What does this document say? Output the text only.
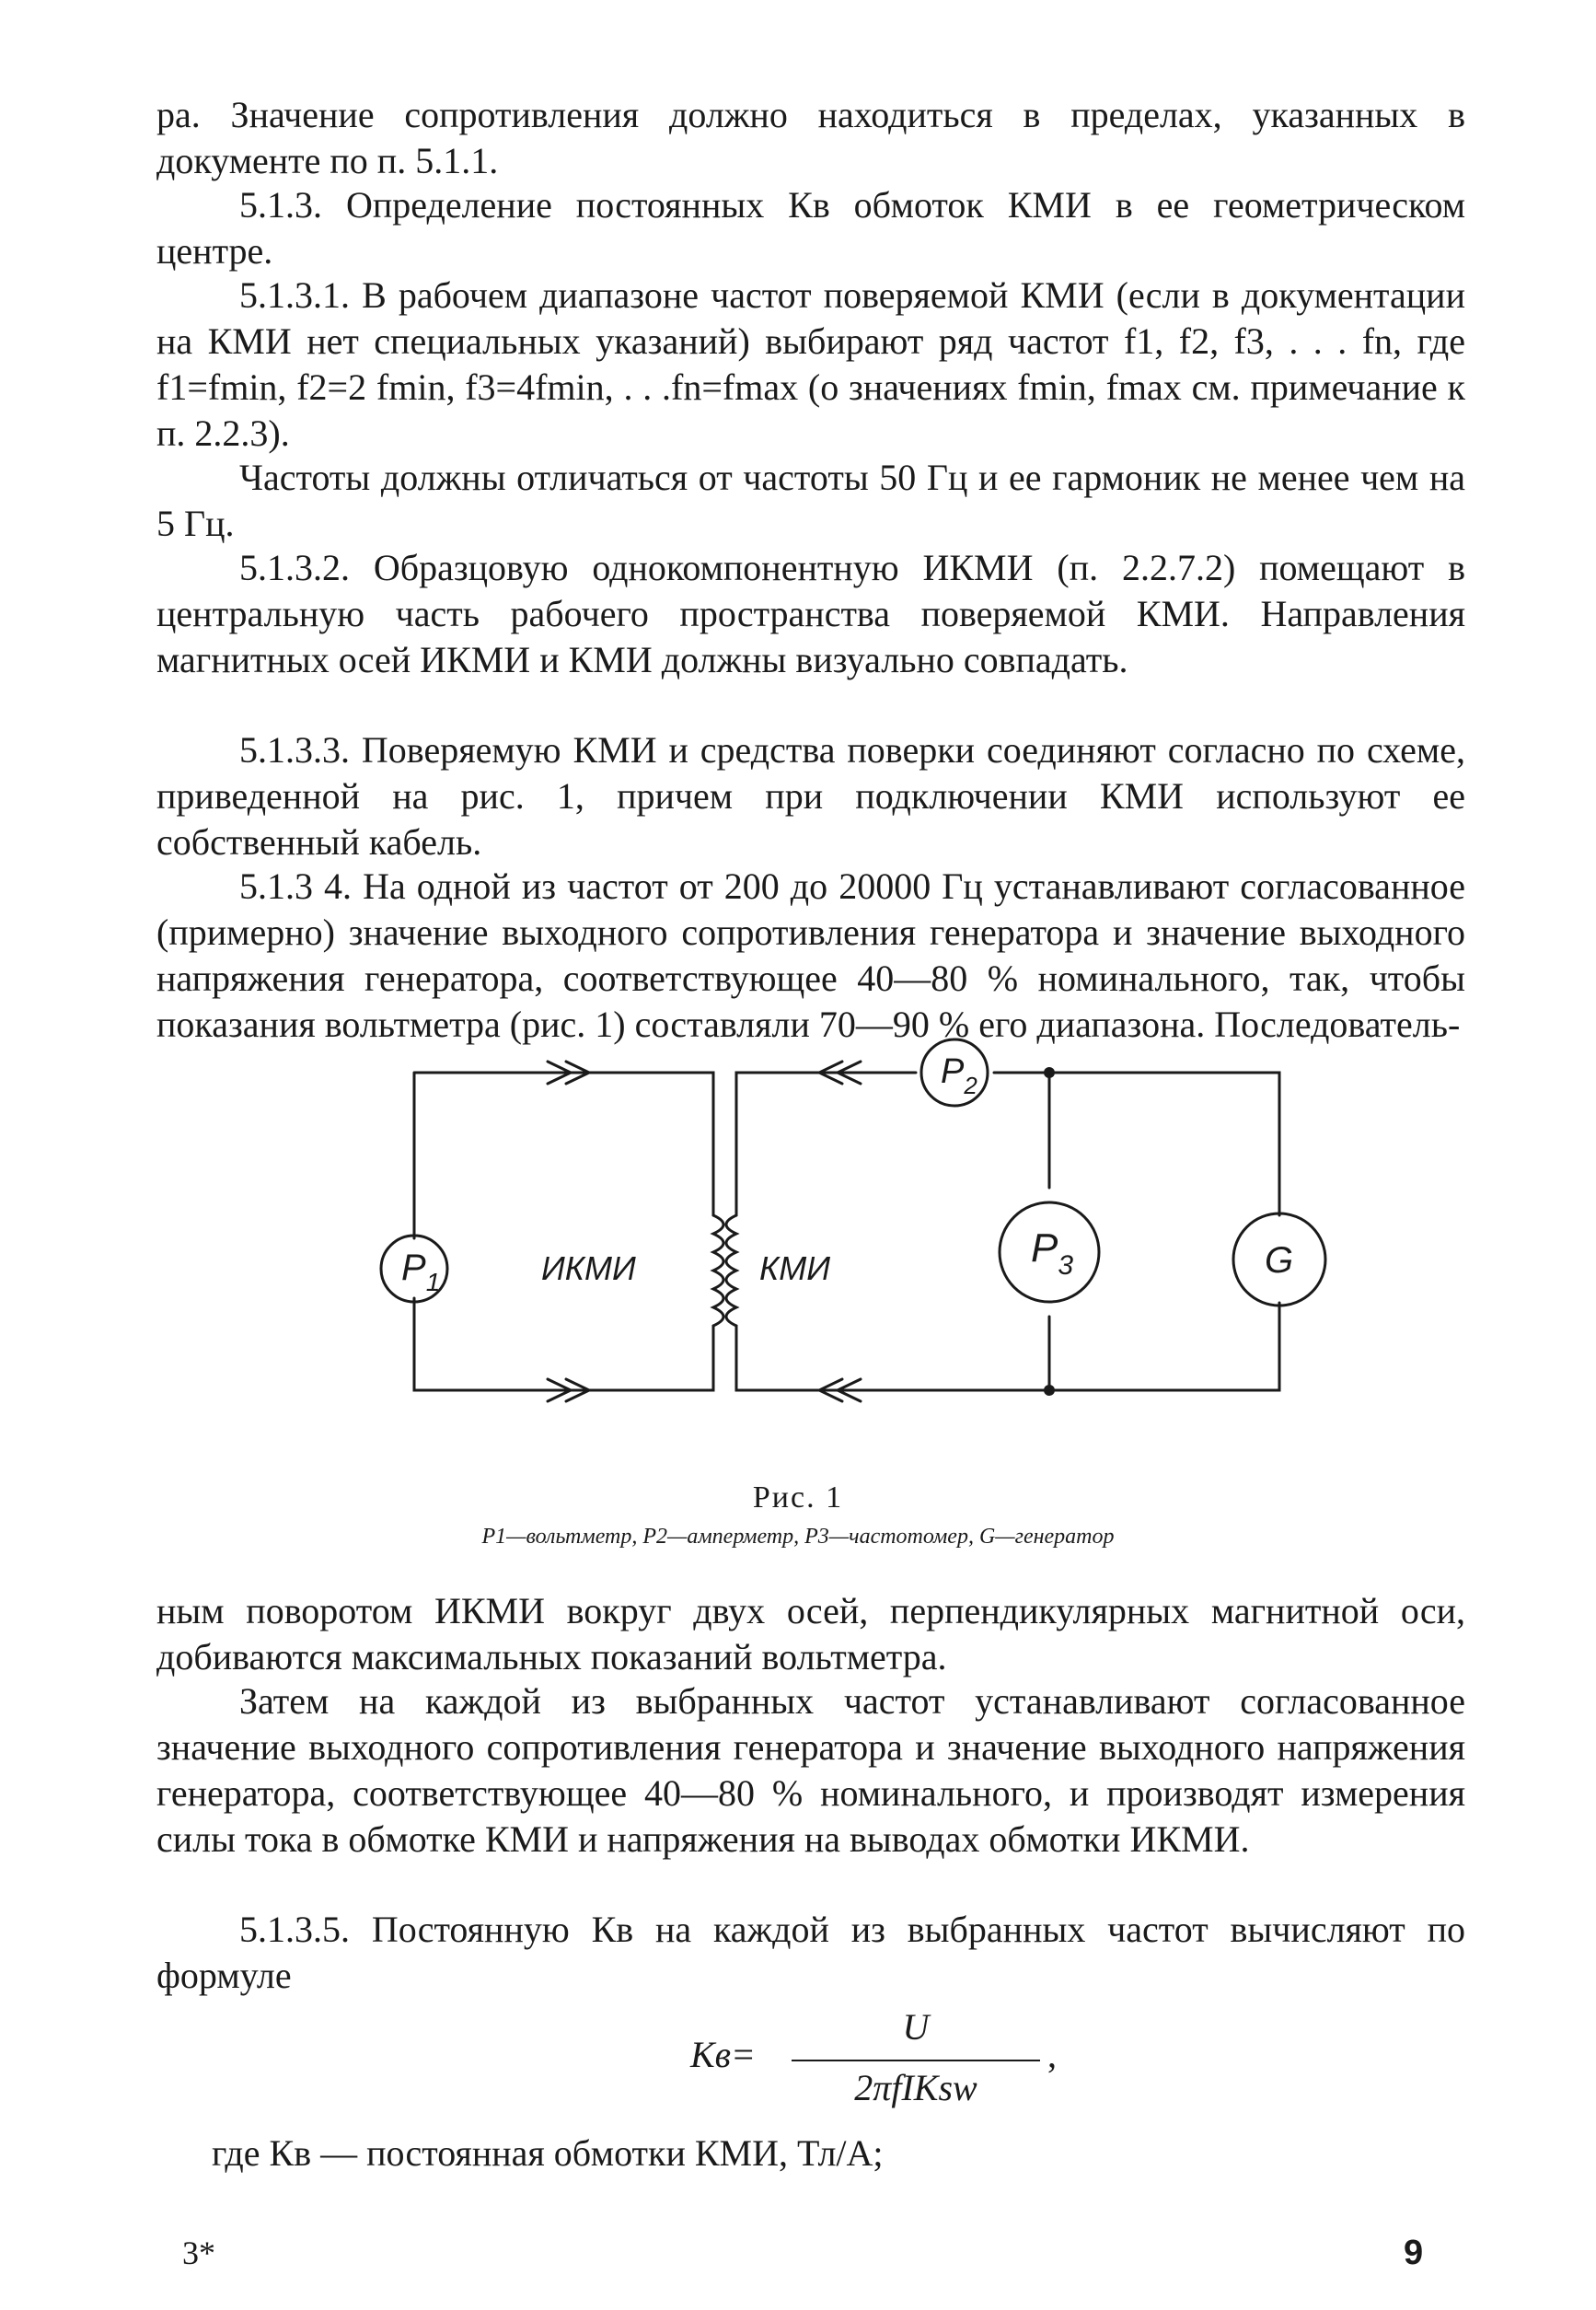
ра. Значение сопротивления должно находиться в пределах, указанных в документе по п. 5.1.1.

5.1.3. Определение постоянных Кв обмоток КМИ в ее геометрическом центре.

5.1.3.1. В рабочем диапазоне частот поверяемой КМИ (если в документации на КМИ нет специальных указаний) выбирают ряд частот f1, f2, f3, . . . fn, где f1=fmin, f2=2 fmin, f3=4fmin, . . .fn=fmax (о значениях fmin, fmax см. примечание к п. 2.2.3).

Частоты должны отличаться от частоты 50 Гц и ее гармоник не менее чем на 5 Гц.

5.1.3.2. Образцовую однокомпонентную ИКМИ (п. 2.2.7.2) помещают в центральную часть рабочего пространства поверяемой КМИ. Направления магнитных осей ИКМИ и КМИ должны визуально совпадать.

5.1.3.3. Поверяемую КМИ и средства поверки соединяют согласно по схеме, приведенной на рис. 1, причем при подключении КМИ используют ее собственный кабель.

5.1.3 4. На одной из частот от 200 до 20000 Гц устанавливают согласованное (примерно) значение выходного сопротивления генератора и значение выходного напряжения генератора, соответствующее 40—80 % номинального, так, чтобы показания вольтметра (рис. 1) составляли 70—90 % его диапазона. Последователь-

$P_1$
$P_2$
$P_3$	G
ИКМИ	КМИ
Рис. 1
P1—вольтметр, P2—амперметр, P3—частотомер, G—генератор

ным поворотом ИКМИ вокруг двух осей, перпендикулярных магнитной оси, добиваются максимальных показаний вольтметра.

Затем на каждой из выбранных частот устанавливают согласованное значение выходного сопротивления генератора и значение выходного напряжения генератора, соответствующее 40—80 % номинального, и производят измерения силы тока в обмотке КМИ и напряжения на выводах обмотки ИКМИ.

5.1.3.5. Постоянную Кв на каждой из выбранных частот вычисляют по формуле

Кв=
U
2πfIKsw
,

где Кв — постоянная обмотки КМИ, Тл/А;

3*	9
